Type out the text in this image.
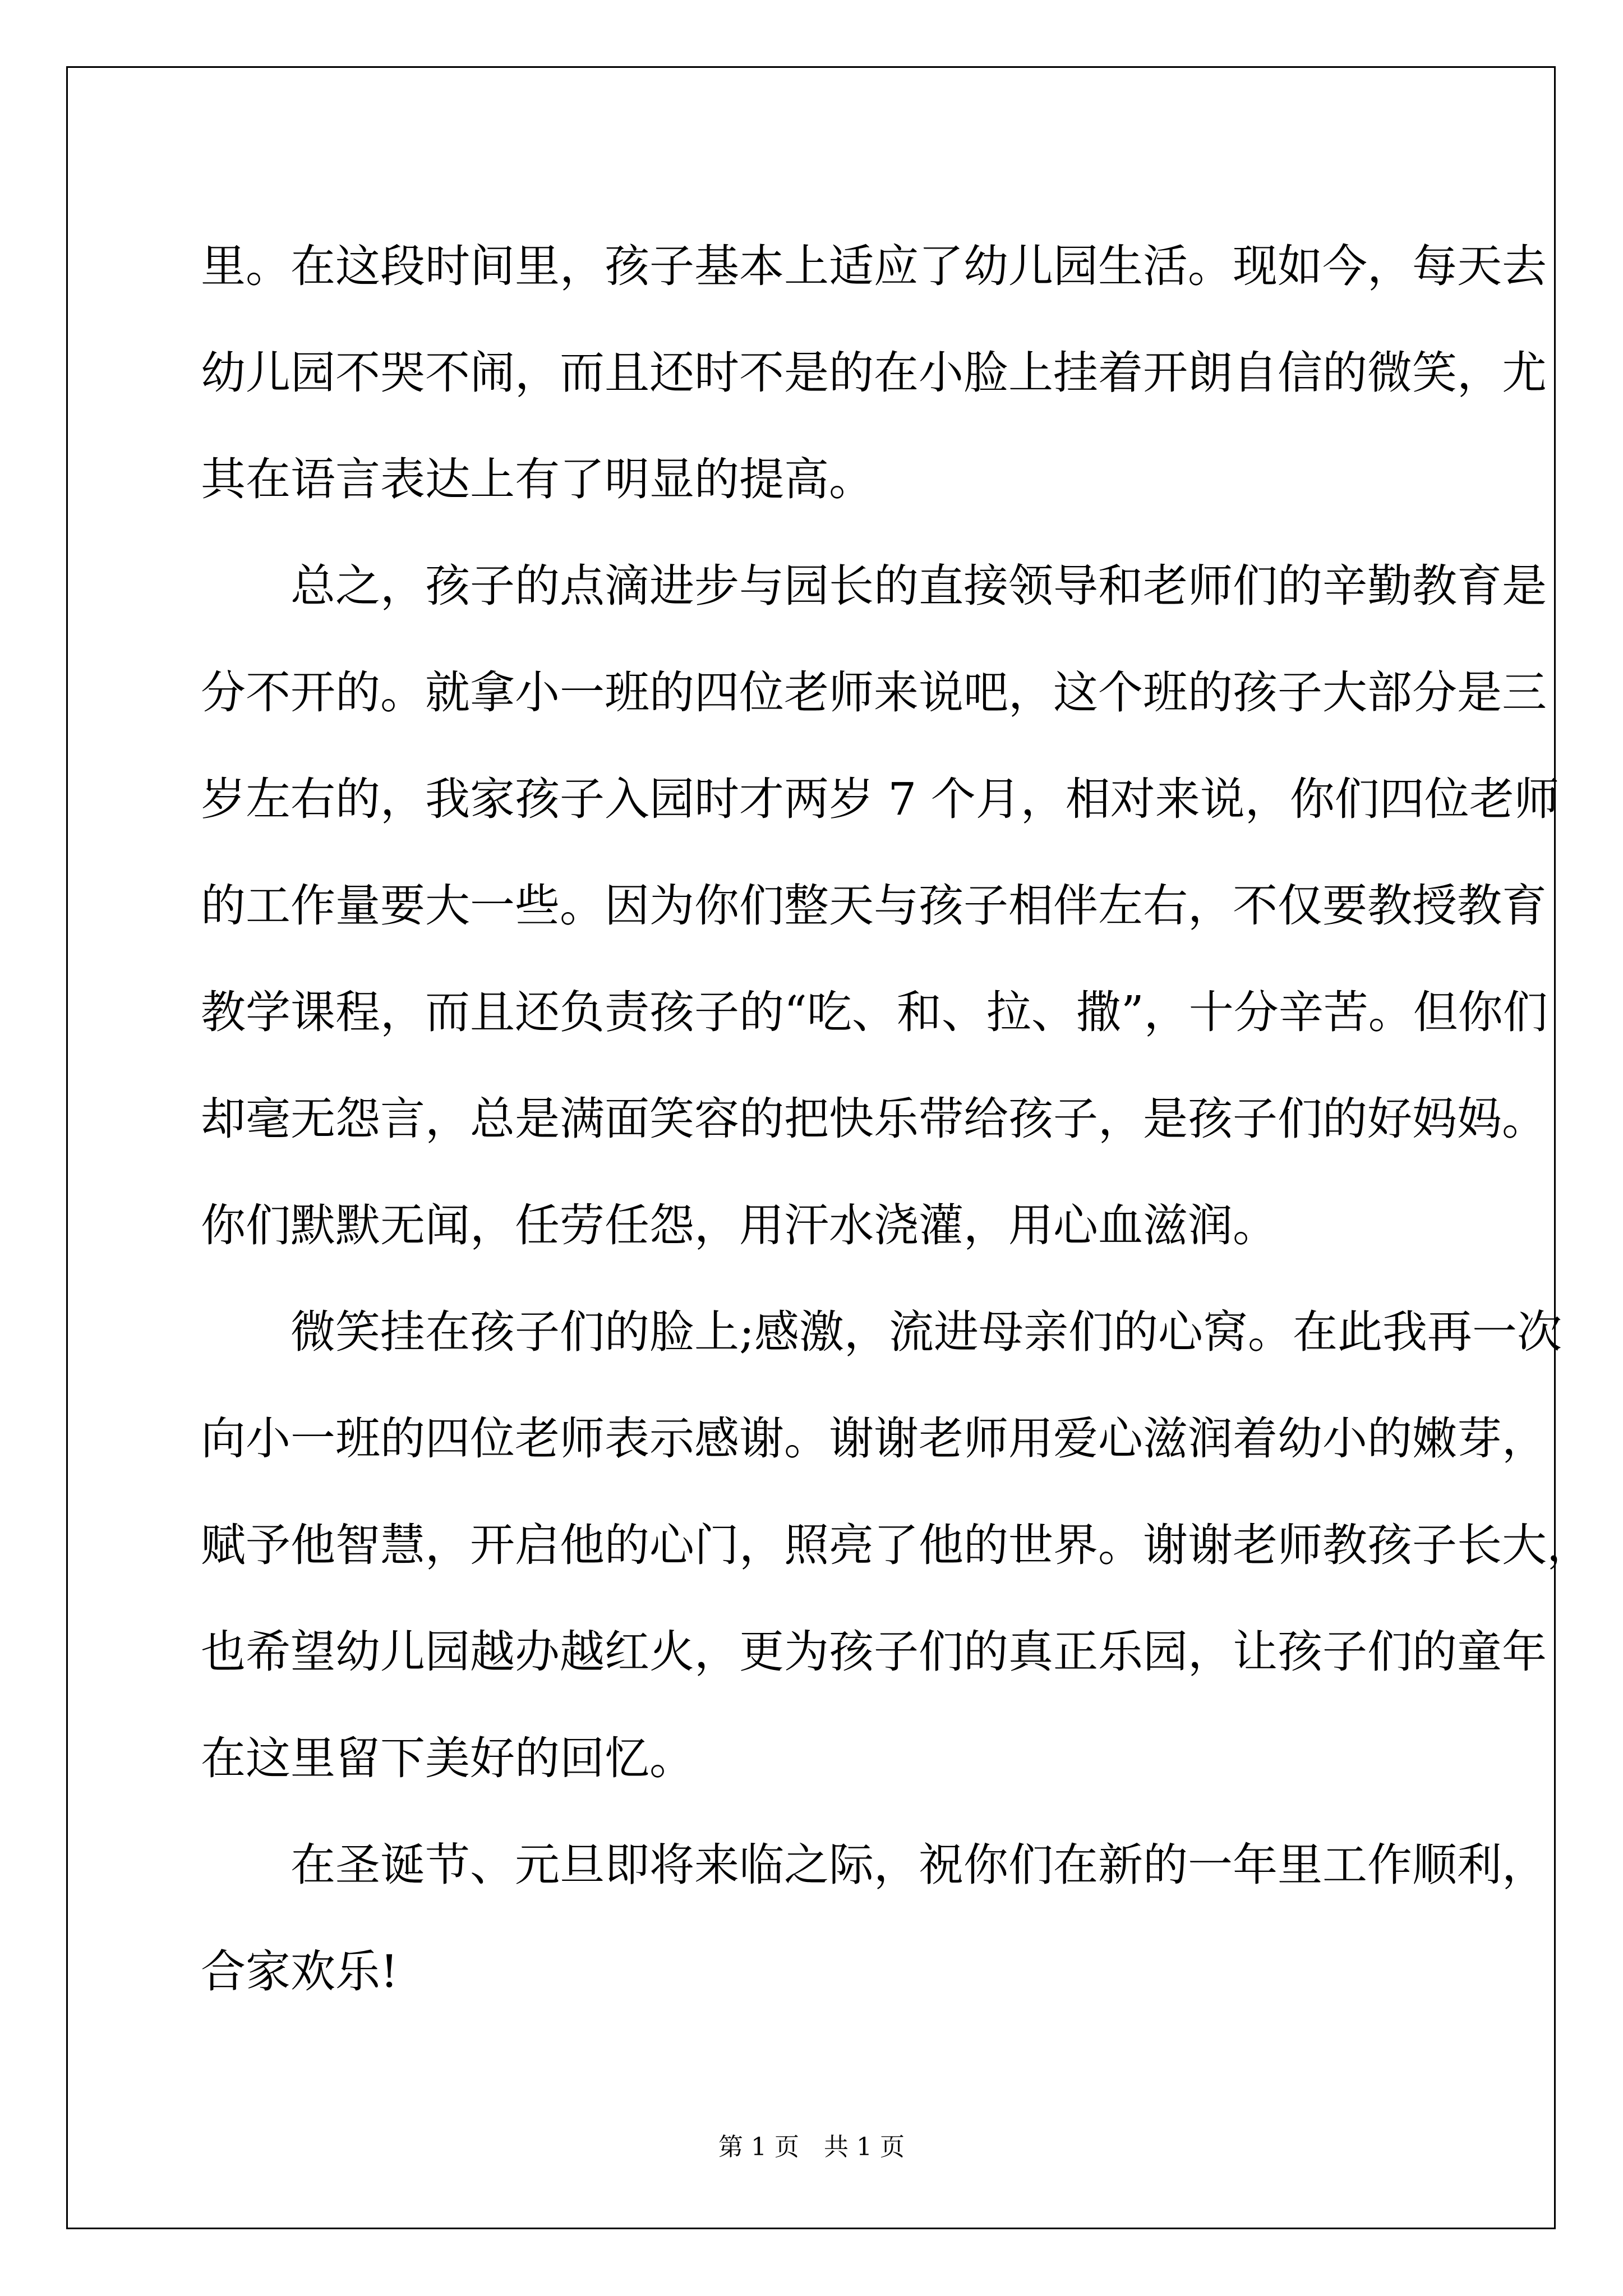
里。在这段时间里，孩子基本上适应了幼儿园生活。现如今，每天去
幼儿园不哭不闹，而且还时不是的在小脸上挂着开朗自信的微笑，尤
其在语言表达上有了明显的提高。
　　总之，孩子的点滴进步与园长的直接领导和老师们的辛勤教育是
分不开的。就拿小一班的四位老师来说吧，这个班的孩子大部分是三
岁左右的，我家孩子入园时才两岁 7 个月，相对来说，你们四位老师
的工作量要大一些。因为你们整天与孩子相伴左右，不仅要教授教育
教学课程，而且还负责孩子的“吃、和、拉、撒”，十分辛苦。但你们
却毫无怨言，总是满面笑容的把快乐带给孩子，是孩子们的好妈妈。
你们默默无闻，任劳任怨，用汗水浇灌，用心血滋润。
　　微笑挂在孩子们的脸上;感激，流进母亲们的心窝。在此我再一次
向小一班的四位老师表示感谢。谢谢老师用爱心滋润着幼小的嫩芽，
赋予他智慧，开启他的心门，照亮了他的世界。谢谢老师教孩子长大，
也希望幼儿园越办越红火，更为孩子们的真正乐园，让孩子们的童年
在这里留下美好的回忆。
　　在圣诞节、元旦即将来临之际，祝你们在新的一年里工作顺利，
合家欢乐!
第 1 页　共 1 页
